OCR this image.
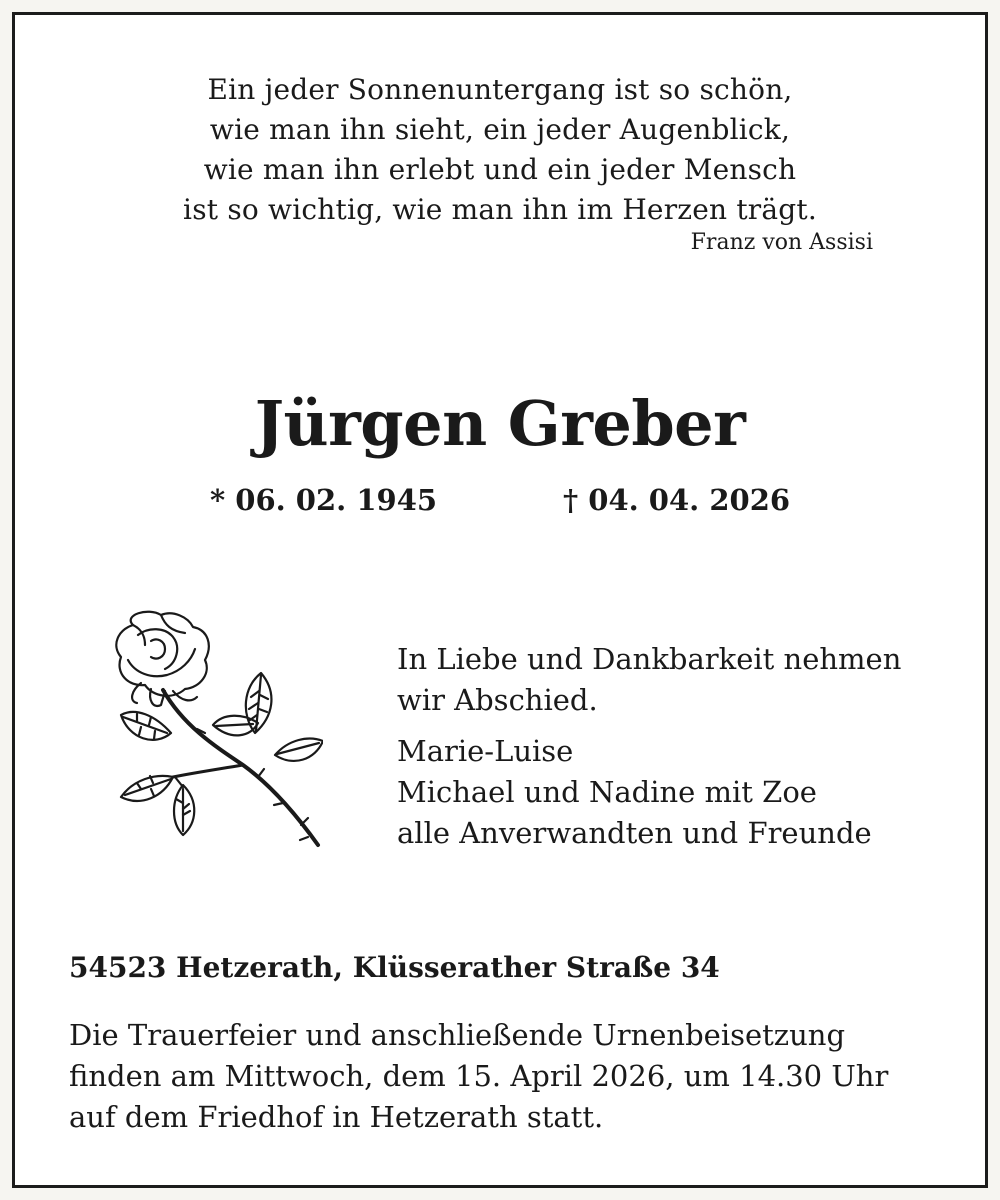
Ein jeder Sonnenuntergang ist so schön,
wie man ihn sieht, ein jeder Augenblick,
wie man ihn erlebt und ein jeder Mensch
ist so wichtig, wie man ihn im Herzen trägt.
Franz von Assisi
Jürgen Greber
* 06. 02. 1945	† 04. 04. 2026
In Liebe und Dankbarkeit nehmen
wir Abschied.
Marie-Luise
Michael und Nadine mit Zoe
alle Anverwandten und Freunde
54523 Hetzerath, Klüsserather Straße 34
Die Trauerfeier und anschließende Urnenbeisetzung
finden am Mittwoch, dem 15. April 2026, um 14.30 Uhr
auf dem Friedhof in Hetzerath statt.
